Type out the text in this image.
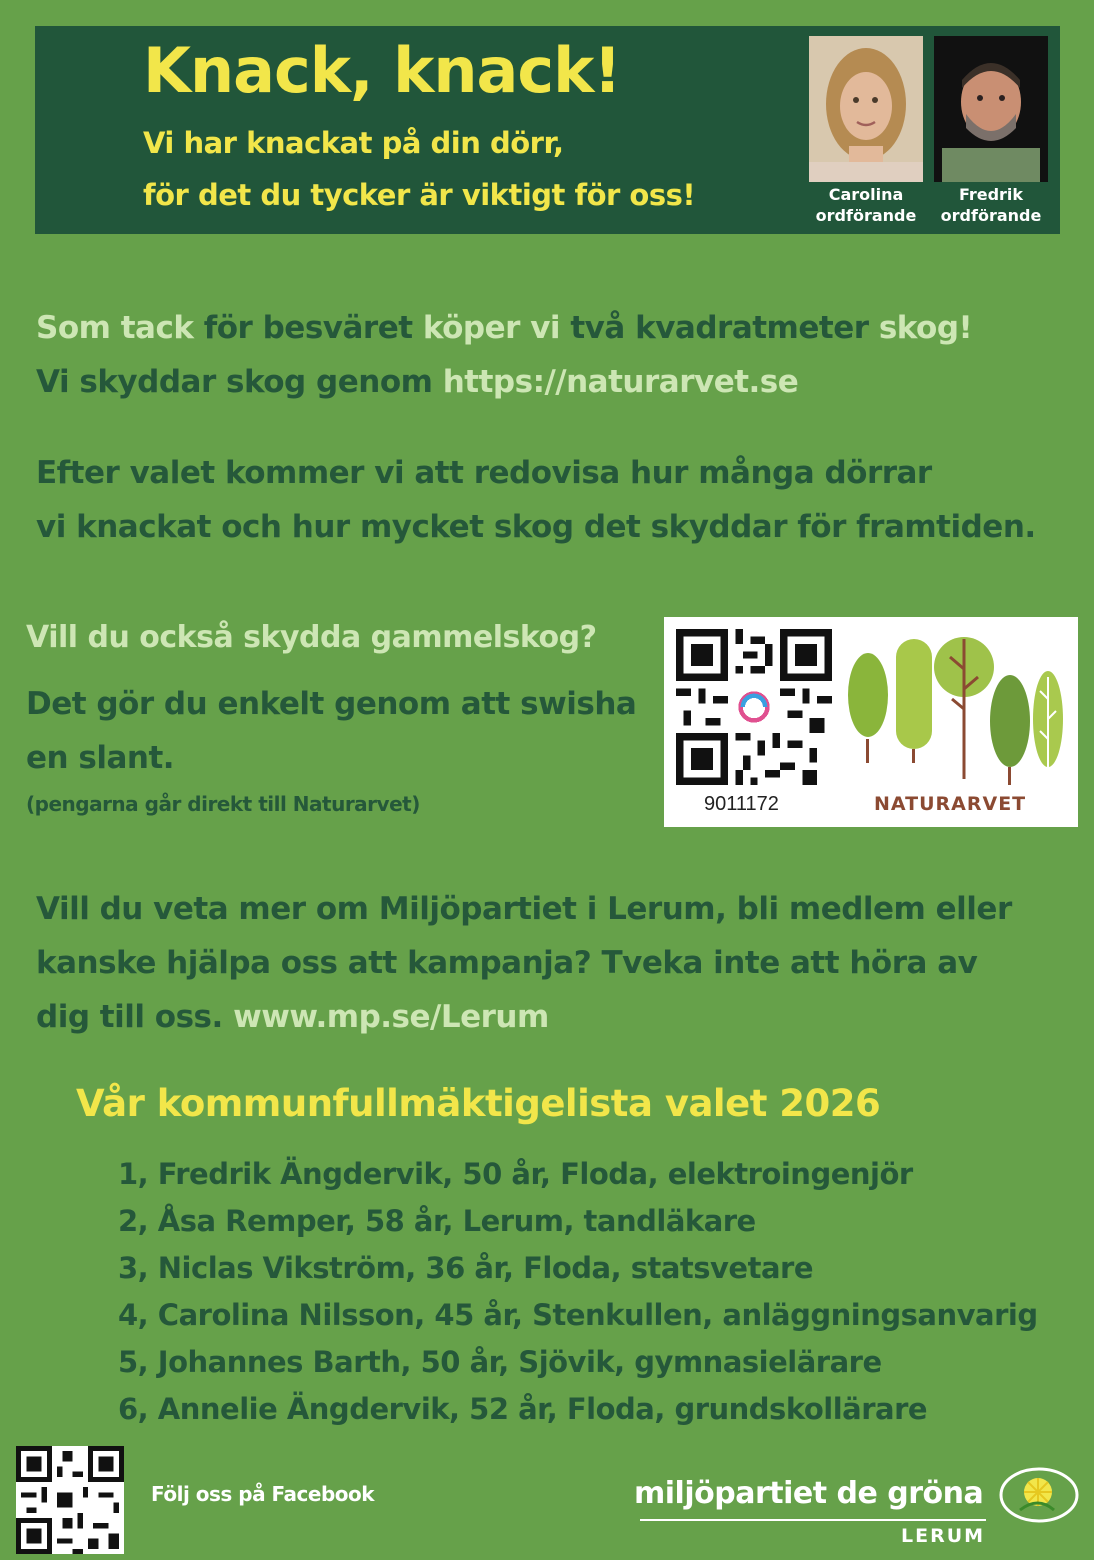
Knack, knack!
Vi har knackat på din dörr,
för det du tycker är viktigt för oss!	Carolina
ordförande
Fredrik
ordförande
Som tack för besväret köper vi två kvadratmeter skog!
Vi skyddar skog genom https://naturarvet.se
Efter valet kommer vi att redovisa hur många dörrar
vi knackat och hur mycket skog det skyddar för framtiden.
Vill du också skydda gammelskog?
Det gör du enkelt genom att swisha
en slant.
(pengarna går direkt till Naturarvet)	9011172	NATURARVET
Vill du veta mer om Miljöpartiet i Lerum, bli medlem eller
kanske hjälpa oss att kampanja? Tveka inte att höra av
dig till oss. www.mp.se/Lerum
Vår kommunfullmäktigelista valet 2026
1, Fredrik Ängdervik, 50 år, Floda, elektroingenjör
2, Åsa Remper, 58 år, Lerum, tandläkare
3, Niclas Vikström, 36 år, Floda, statsvetare
4, Carolina Nilsson, 45 år, Stenkullen, anläggningsanvarig
5, Johannes Barth, 50 år, Sjövik, gymnasielärare
6, Annelie Ängdervik, 52 år, Floda, grundskollärare
Följ oss på Facebook	miljöpartiet de gröna
LERUM
